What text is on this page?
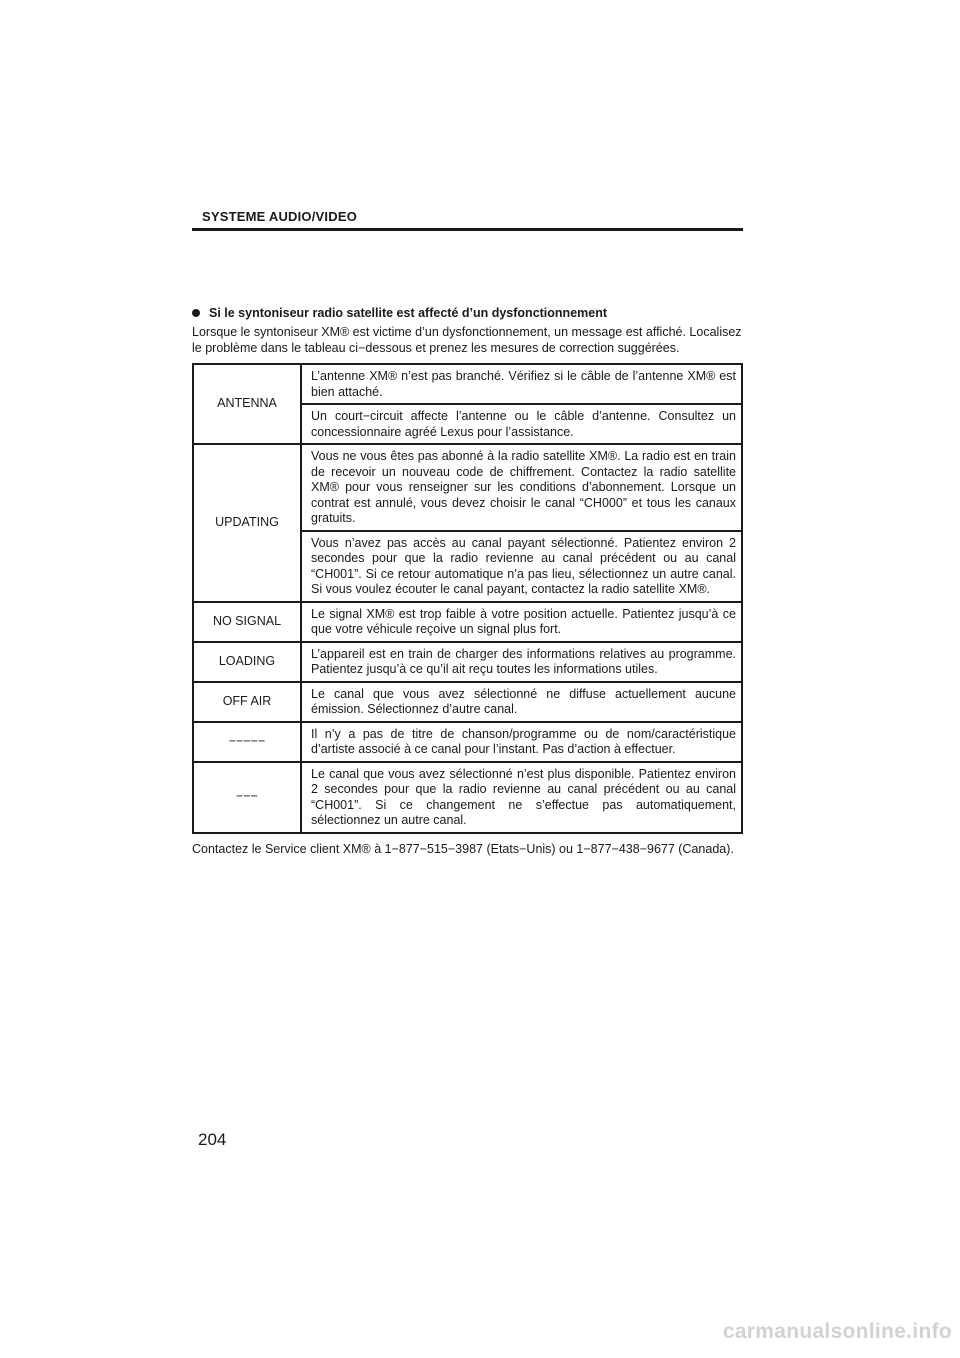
SYSTEME AUDIO/VIDEO
Si le syntoniseur radio satellite est affecté d’un dysfonctionnement

Lorsque le syntoniseur XM® est victime d’un dysfonctionnement, un message est affiché. Localisez le problème dans le tableau ci−dessous et prenez les mesures de correction suggérées.

ANTENNA	L’antenne XM® n’est pas branché. Vérifiez si le câble de l’antenne XM® est bien attaché.
	Un court−circuit affecte l’antenne ou le câble d’antenne. Consultez un concessionnaire agréé Lexus pour l’assistance.
UPDATING	Vous ne vous êtes pas abonné à la radio satellite XM®. La radio est en train de recevoir un nouveau code de chiffrement. Contactez la radio satellite XM® pour vous renseigner sur les conditions d’abonnement. Lorsque un contrat est annulé, vous devez choisir le canal “CH000” et tous les canaux gratuits.
	Vous n’avez pas accès au canal payant sélectionné. Patientez environ 2 secondes pour que la radio revienne au canal précédent ou au canal “CH001”. Si ce retour automatique n’a pas lieu, sélectionnez un autre canal. Si vous voulez écouter le canal payant, contactez la radio satellite XM®.
NO SIGNAL	Le signal XM® est trop faible à votre position actuelle. Patientez jusqu’à ce que votre véhicule reçoive un signal plus fort.
LOADING	L’appareil est en train de charger des informations relatives au programme. Patientez jusqu’à ce qu’il ait reçu toutes les informations utiles.
OFF AIR	Le canal que vous avez sélectionné ne diffuse actuellement aucune émission. Sélectionnez d’autre canal.
−−−−−	Il n’y a pas de titre de chanson/programme ou de nom/caractéristique d’artiste associé à ce canal pour l’instant. Pas d’action à effectuer.
−−−	Le canal que vous avez sélectionné n’est plus disponible. Patientez environ 2 secondes pour que la radio revienne au canal précédent ou au canal “CH001”. Si ce changement ne s’effectue pas automatiquement, sélectionnez un autre canal.

Contactez le Service client XM® à 1−877−515−3987 (Etats−Unis) ou 1−877−438−9677 (Canada).

204
carmanualsonline.info
